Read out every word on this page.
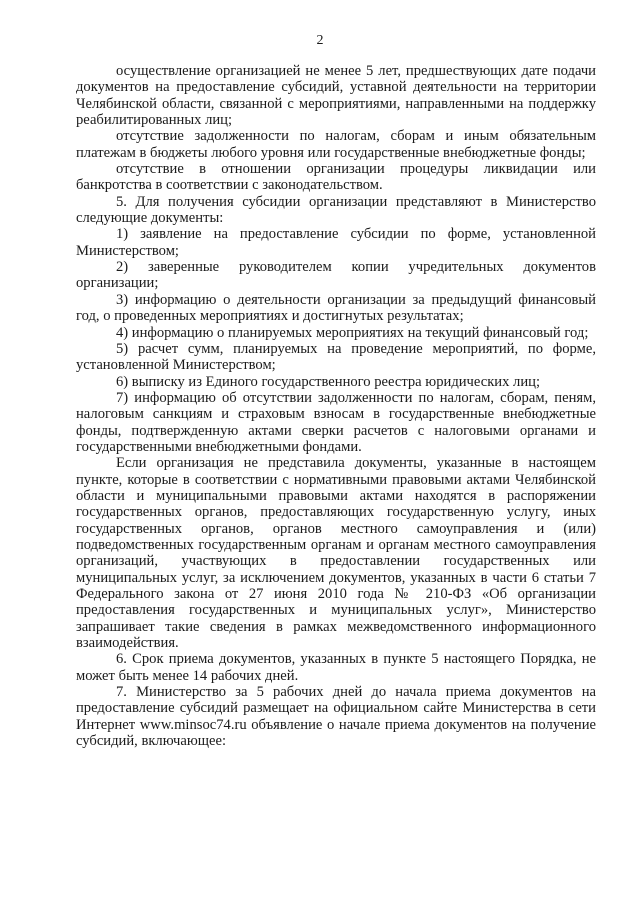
2

осуществление организацией не менее 5 лет, предшествующих дате подачи документов на предоставление субсидий, уставной деятельности на территории Челябинской области, связанной с мероприятиями, направленными на поддержку реабилитированных лиц;

отсутствие задолженности по налогам, сборам и иным обязательным платежам в бюджеты любого уровня или государственные внебюджетные фонды;

отсутствие в отношении организации процедуры ликвидации или банкротства в соответствии с законодательством.

5. Для получения субсидии организации представляют в Министерство следующие документы:

1) заявление на предоставление субсидии по форме, установленной Министерством;

2) заверенные руководителем копии учредительных документов организации;

3) информацию о деятельности организации за предыдущий финансовый год, о проведенных мероприятиях и достигнутых результатах;

4) информацию о планируемых мероприятиях на текущий финансовый год;

5) расчет сумм, планируемых на проведение мероприятий, по форме, установленной Министерством;

6) выписку из Единого государственного реестра юридических лиц;

7) информацию об отсутствии задолженности по налогам, сборам, пеням, налоговым санкциям и страховым взносам в государственные внебюджетные фонды, подтвержденную актами сверки расчетов с налоговыми органами и государственными внебюджетными фондами.

Если организация не представила документы, указанные в настоящем пункте, которые в соответствии с нормативными правовыми актами Челябинской области и муниципальными правовыми актами находятся в распоряжении государственных органов, предоставляющих государственную услугу, иных государственных органов, органов местного самоуправления и (или) подведомственных государственным органам и органам местного самоуправления организаций, участвующих в предоставлении государственных или муниципальных услуг, за исключением документов, указанных в части 6 статьи 7 Федерального закона от 27 июня 2010 года № 210-ФЗ «Об организации предоставления государственных и муниципальных услуг», Министерство запрашивает такие сведения в рамках межведомственного информационного взаимодействия.

6. Срок приема документов, указанных в пункте 5 настоящего Порядка, не может быть менее 14 рабочих дней.

7. Министерство за 5 рабочих дней до начала приема документов на предоставление субсидий размещает на официальном сайте Министерства в сети Интернет www.minsoc74.ru объявление о начале приема документов на получение субсидий, включающее:
